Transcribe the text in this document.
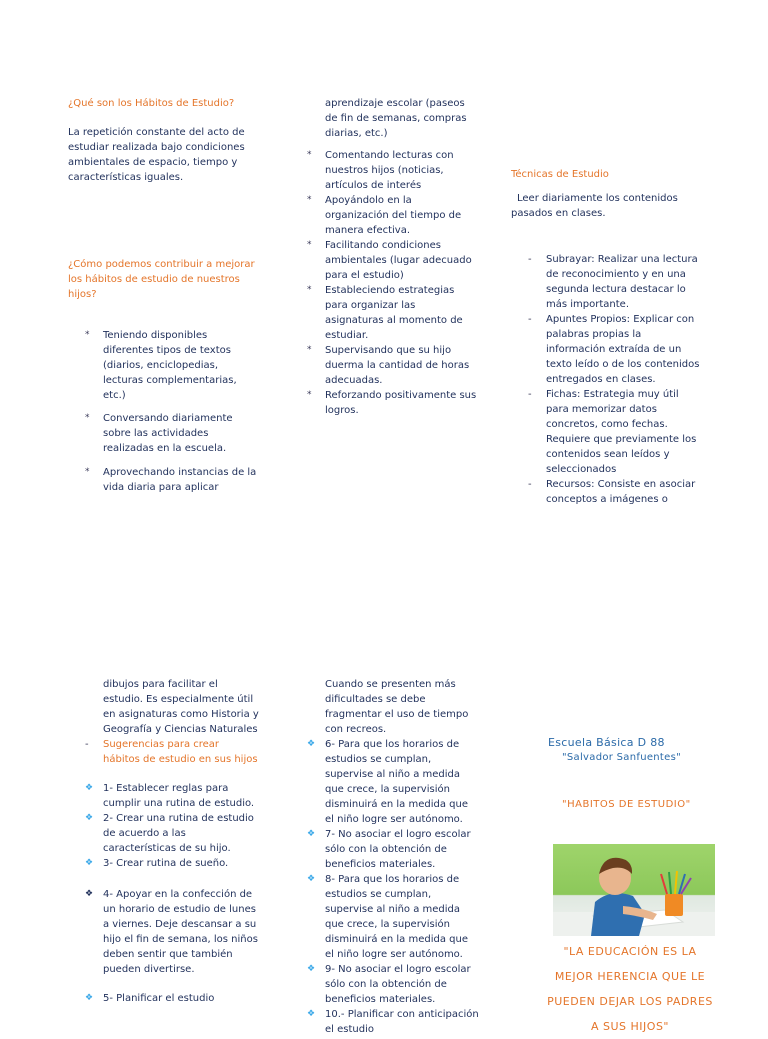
¿Qué son los Hábitos de Estudio?

La repetición constante del acto de estudiar realizada bajo condiciones ambientales de espacio, tiempo y características iguales.

¿Cómo podemos contribuir a mejorar los hábitos de estudio de nuestros hijos?

* Teniendo disponibles diferentes tipos de textos (diarios, enciclopedias, lecturas complementarias, etc.)
* Conversando diariamente sobre las actividades realizadas en la escuela.
* Aprovechando instancias de la vida diaria para aplicar

aprendizaje escolar (paseos de fin de semanas, compras diarias, etc.)

* Comentando lecturas con nuestros hijos (noticias, artículos de interés
* Apoyándolo en la organización del tiempo de manera efectiva.
* Facilitando condiciones ambientales (lugar adecuado para el estudio)
* Estableciendo estrategias para organizar las asignaturas al momento de estudiar.
* Supervisando que su hijo duerma la cantidad de horas adecuadas.
* Reforzando positivamente sus logros.

Técnicas de Estudio

Leer diariamente los contenidos pasados en clases.

- Subrayar: Realizar una lectura de reconocimiento y en una segunda lectura destacar lo más importante.
- Apuntes Propios: Explicar con palabras propias la información extraída de un texto leído o de los contenidos entregados en clases.
- Fichas: Estrategia muy útil para memorizar datos concretos, como fechas. Requiere que previamente los contenidos sean leídos y seleccionados
- Recursos: Consiste en asociar conceptos a imágenes o

dibujos para facilitar el estudio. Es especialmente útil en asignaturas como Historia y Geografía y Ciencias Naturales

- Sugerencias para crear hábitos de estudio en sus hijos
❖ 1- Establecer reglas para cumplir una rutina de estudio.
❖ 2- Crear una rutina de estudio de acuerdo a las características de su hijo.
❖ 3- Crear rutina de sueño.
❖ 4- Apoyar en la confección de un horario de estudio de lunes a viernes. Deje descansar a su hijo el fin de semana, los niños deben sentir que también pueden divertirse.
❖ 5- Planificar el estudio

Cuando se presenten más dificultades se debe fragmentar el uso de tiempo con recreos.

❖ 6- Para que los horarios de estudios se cumplan, supervise al niño a medida que crece, la supervisión disminuirá en la medida que el niño logre ser autónomo.
❖ 7- No asociar el logro escolar sólo con la obtención de beneficios materiales.
❖ 8- Para que los horarios de estudios se cumplan, supervise al niño a medida que crece, la supervisión disminuirá en la medida que el niño logre ser autónomo.
❖ 9- No asociar el logro escolar sólo con la obtención de beneficios materiales.
❖ 10.- Planificar con anticipación el estudio

Escuela Básica D 88

"Salvador Sanfuentes"

"HABITOS DE ESTUDIO"

"LA EDUCACIÓN ES LA
MEJOR HERENCIA QUE LE
PUEDEN DEJAR LOS PADRES
A SUS HIJOS"
